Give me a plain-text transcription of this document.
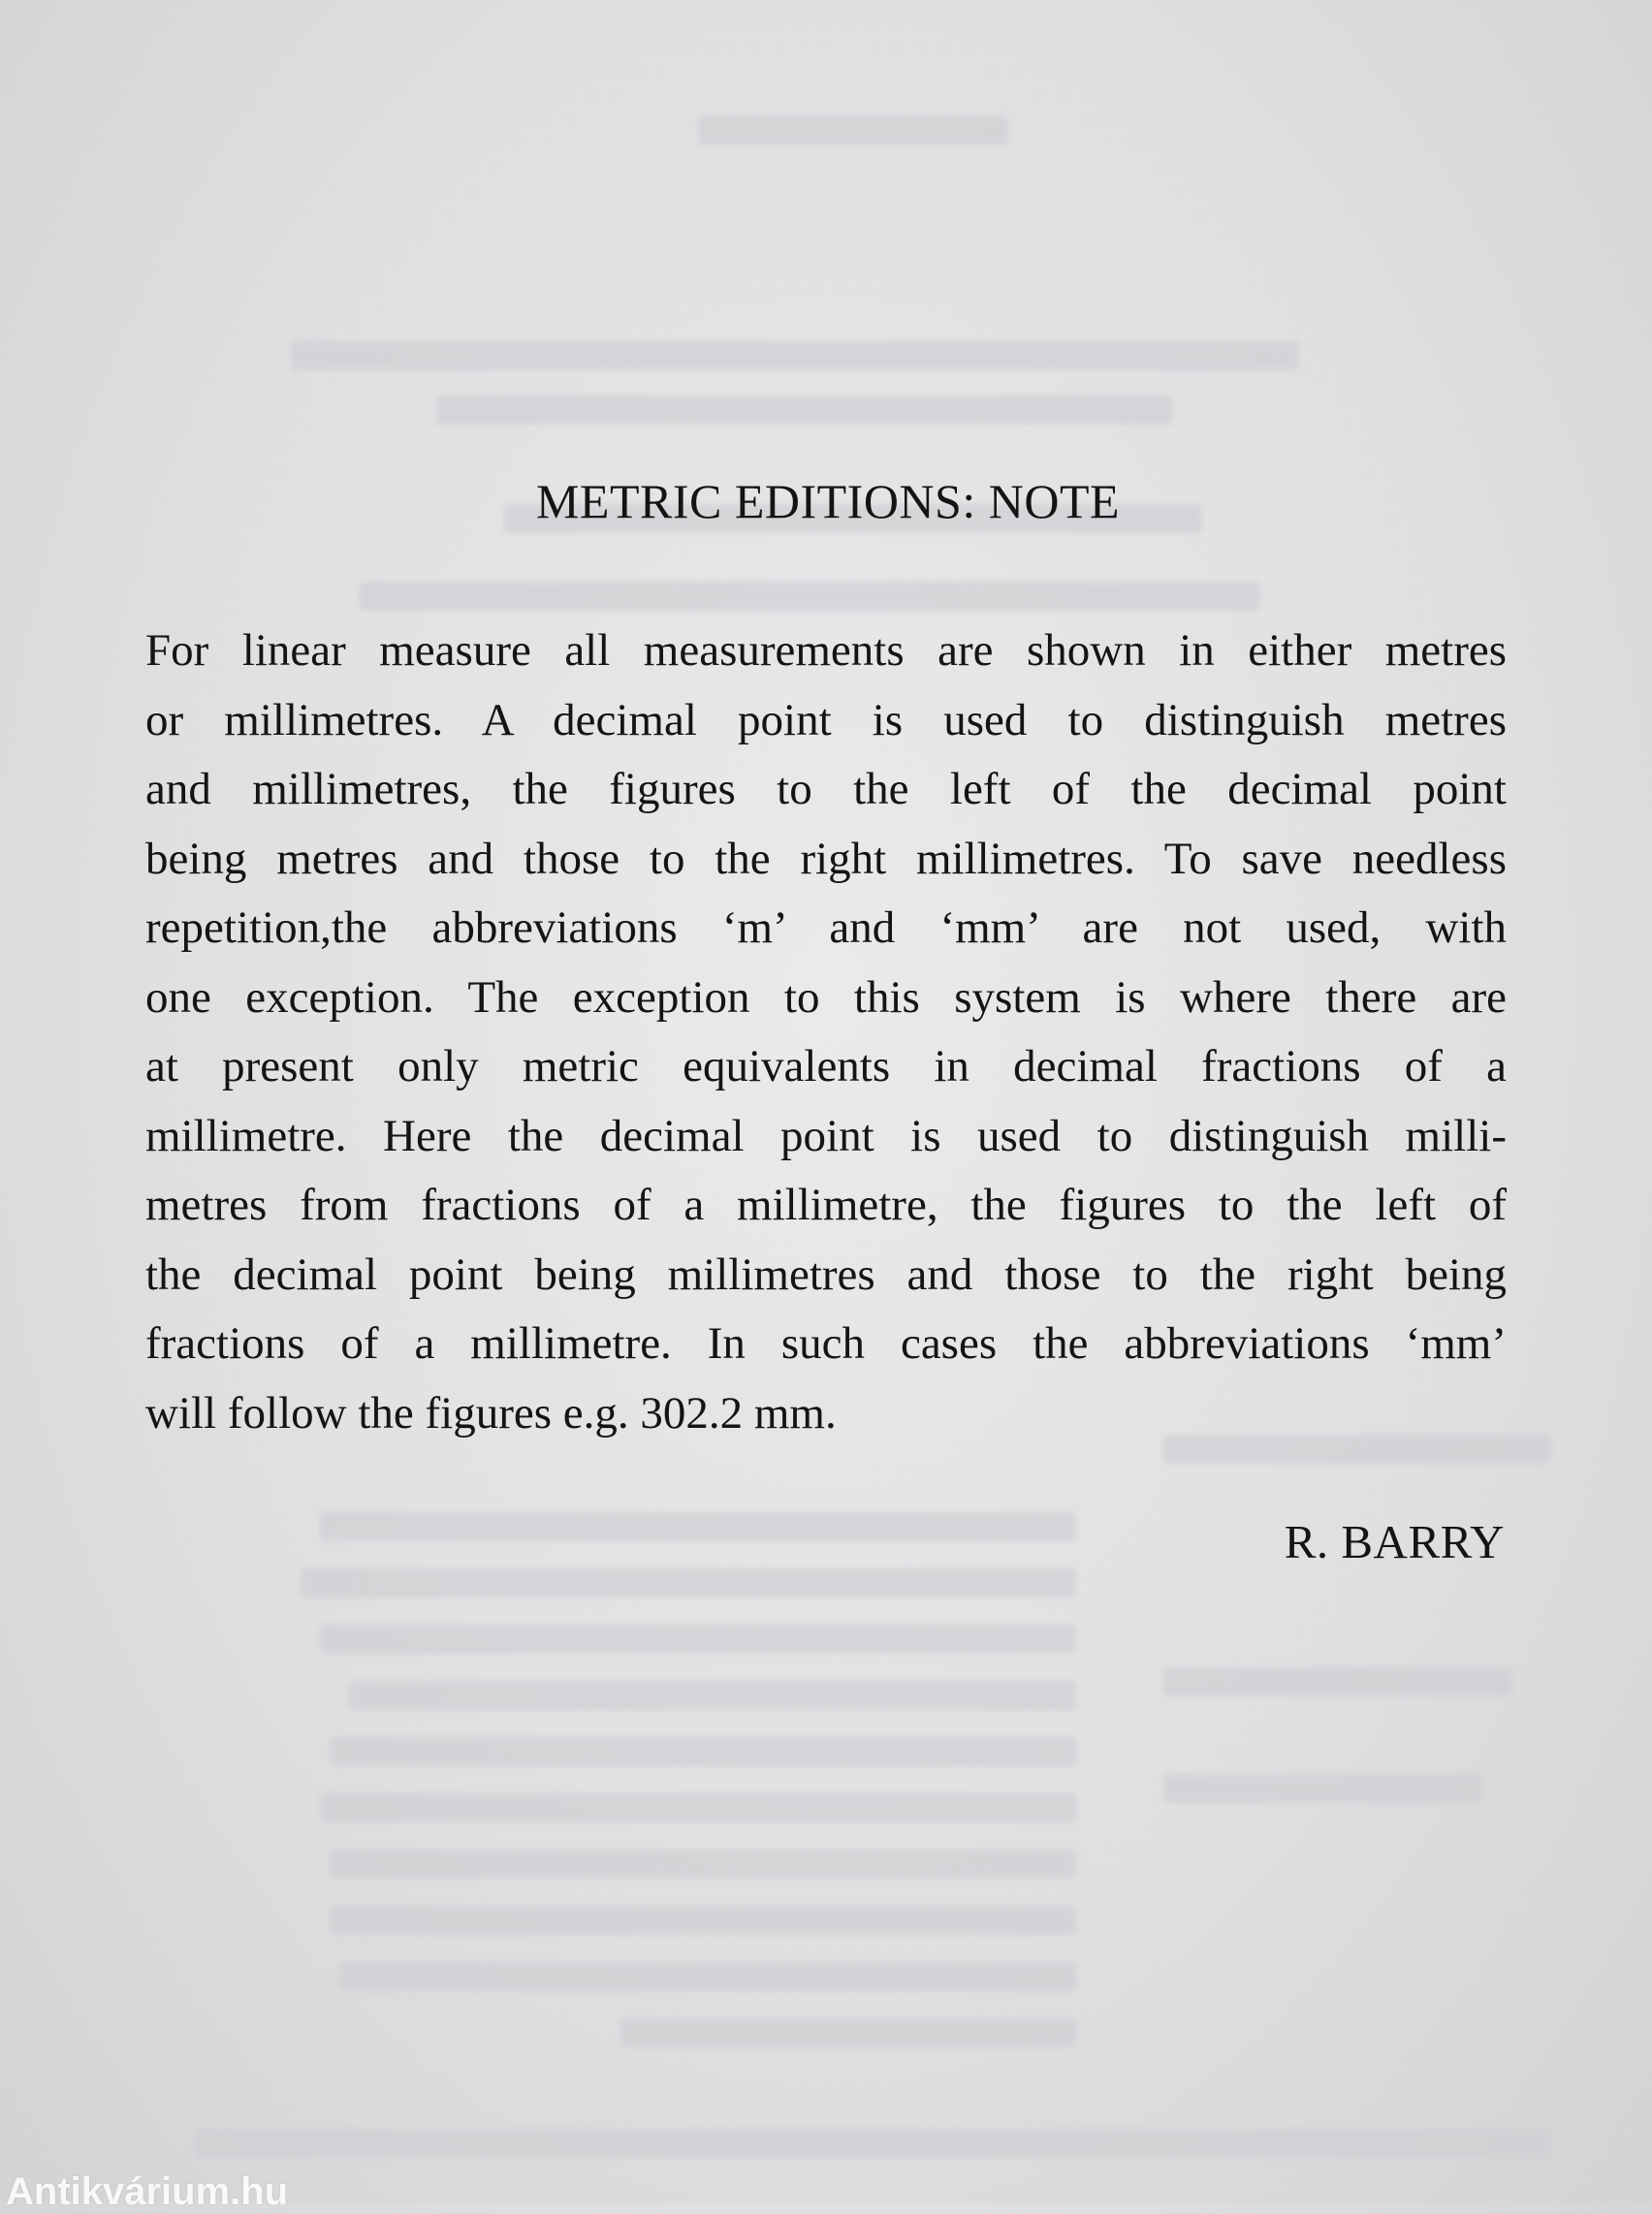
METRIC EDITIONS: NOTE
For linear measure all measurements are shown in either metres
or millimetres. A decimal point is used to distinguish metres
and millimetres, the figures to the left of the decimal point
being metres and those to the right millimetres. To save needless
repetition,the abbreviations ‘m’ and ‘mm’ are not used, with
one exception. The exception to this system is where there are
at present only metric equivalents in decimal fractions of a
millimetre. Here the decimal point is used to distinguish milli-
metres from fractions of a millimetre, the figures to the left of
the decimal point being millimetres and those to the right being
fractions of a millimetre. In such cases the abbreviations ‘mm’
will follow the figures e.g. 302.2 mm.
R. BARRY
Antikvárium.hu
